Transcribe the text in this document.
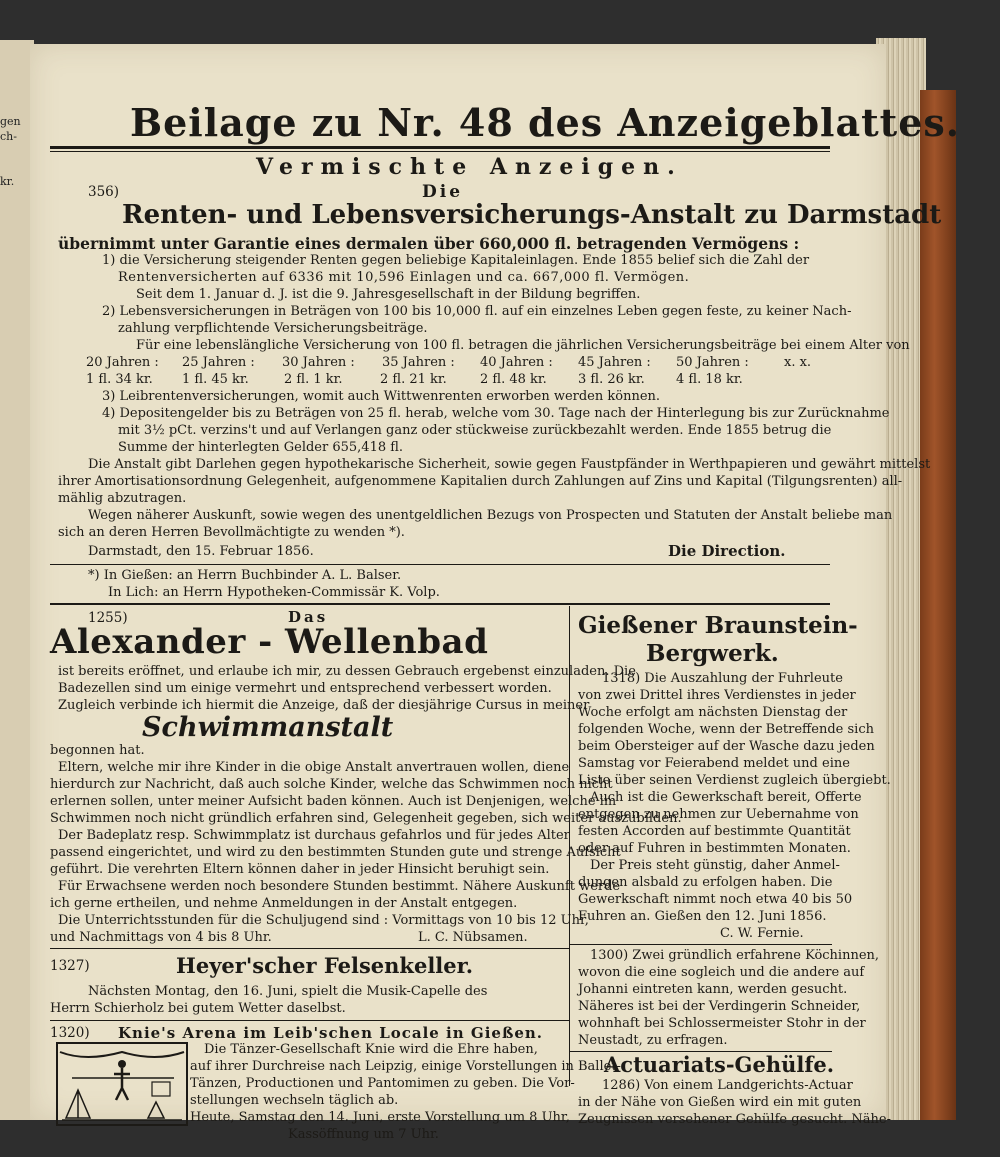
gen
ch-
kr.
Beilage zu Nr. 48 des Anzeigeblattes.
Vermischte Anzeigen.
356)	Die
Renten- und Lebensversicherungs-Anstalt zu Darmstadt
übernimmt unter Garantie eines dermalen über 660,000 fl. betragenden Vermögens :
1) die Versicherung steigender Renten gegen beliebige Kapitaleinlagen. Ende 1855 belief sich die Zahl der
Rentenversicherten auf 6336 mit 10,596 Einlagen und ca. 667,000 fl. Vermögen.
Seit dem 1. Januar d. J. ist die 9. Jahresgesellschaft in der Bildung begriffen.
2) Lebensversicherungen in Beträgen von 100 bis 10,000 fl. auf ein einzelnes Leben gegen feste, zu keiner Nach-
zahlung verpflichtende Versicherungsbeiträge.
Für eine lebenslängliche Versicherung von 100 fl. betragen die jährlichen Versicherungsbeiträge bei einem Alter von
20 Jahren : 25 Jahren : 30 Jahren : 35 Jahren : 40 Jahren : 45 Jahren : 50 Jahren :	x. x.
1 fl. 34 kr. 1 fl. 45 kr.	2 fl. 1 kr.	2 fl. 21 kr.	2 fl. 48 kr. 3 fl. 26 kr. 4 fl. 18 kr.
3) Leibrentenversicherungen, womit auch Wittwenrenten erworben werden können.
4) Depositengelder bis zu Beträgen von 25 fl. herab, welche vom 30. Tage nach der Hinterlegung bis zur Zurücknahme
mit 3½ pCt. verzins't und auf Verlangen ganz oder stückweise zurückbezahlt werden. Ende 1855 betrug die
Summe der hinterlegten Gelder 655,418 fl.
Die Anstalt gibt Darlehen gegen hypothekarische Sicherheit, sowie gegen Faustpfänder in Werthpapieren und gewährt mittelst
ihrer Amortisationsordnung Gelegenheit, aufgenommene Kapitalien durch Zahlungen auf Zins und Kapital (Tilgungsrenten) all-
mählig abzutragen.
Wegen näherer Auskunft, sowie wegen des unentgeldlichen Bezugs von Prospecten und Statuten der Anstalt beliebe man
sich an deren Herren Bevollmächtigte zu wenden *).
Darmstadt, den 15. Februar 1856.	Die Direction.
*) In Gießen: an Herrn Buchbinder A. L. Balser.
In Lich: an Herrn Hypotheken-Commissär K. Volp.
1255)	Das
Alexander - Wellenbad
ist bereits eröffnet, und erlaube ich mir, zu dessen Gebrauch ergebenst einzuladen. Die
Badezellen sind um einige vermehrt und entsprechend verbessert worden.
Zugleich verbinde ich hiermit die Anzeige, daß der diesjährige Cursus in meiner
Schwimmanstalt
begonnen hat.
Eltern, welche mir ihre Kinder in die obige Anstalt anvertrauen wollen, diene
hierdurch zur Nachricht, daß auch solche Kinder, welche das Schwimmen noch nicht
erlernen sollen, unter meiner Aufsicht baden können. Auch ist Denjenigen, welche im
Schwimmen noch nicht gründlich erfahren sind, Gelegenheit gegeben, sich weiter auszubilden.
Der Badeplatz resp. Schwimmplatz ist durchaus gefahrlos und für jedes Alter
passend eingerichtet, und wird zu den bestimmten Stunden gute und strenge Aufsicht
geführt. Die verehrten Eltern können daher in jeder Hinsicht beruhigt sein.
Für Erwachsene werden noch besondere Stunden bestimmt. Nähere Auskunft werde
ich gerne ertheilen, und nehme Anmeldungen in der Anstalt entgegen.
Die Unterrichtsstunden für die Schuljugend sind : Vormittags von 10 bis 12 Uhr,
und Nachmittags von 4 bis 8 Uhr.	L. C. Nübsamen.
1327)	Heyer'scher Felsenkeller.
Nächsten Montag, den 16. Juni, spielt die Musik-Capelle des
Herrn Schierholz bei gutem Wetter daselbst.
1320) Knie's Arena im Leib'schen Locale in Gießen.
Die Tänzer-Gesellschaft Knie wird die Ehre haben,
auf ihrer Durchreise nach Leipzig, einige Vorstellungen in Ballet-
Tänzen, Productionen und Pantomimen zu geben. Die Vor-
stellungen wechseln täglich ab.
Heute, Samstag den 14. Juni, erste Vorstellung um 8 Uhr,
Kassöffnung um 7 Uhr.
Gießener Braunstein-
Bergwerk.
1318) Die Auszahlung der Fuhrleute
von zwei Drittel ihres Verdienstes in jeder
Woche erfolgt am nächsten Dienstag der
folgenden Woche, wenn der Betreffende sich
beim Obersteiger auf der Wasche dazu jeden
Samstag vor Feierabend meldet und eine
Liste über seinen Verdienst zugleich übergiebt.
Auch ist die Gewerkschaft bereit, Offerte
entgegen zu nehmen zur Uebernahme von
festen Accorden auf bestimmte Quantität
oder auf Fuhren in bestimmten Monaten.
Der Preis steht günstig, daher Anmel-
dungen alsbald zu erfolgen haben. Die
Gewerkschaft nimmt noch etwa 40 bis 50
Fuhren an. Gießen den 12. Juni 1856.
C. W. Fernie.
1300) Zwei gründlich erfahrene Köchinnen,
wovon die eine sogleich und die andere auf
Johanni eintreten kann, werden gesucht.
Näheres ist bei der Verdingerin Schneider,
wohnhaft bei Schlossermeister Stohr in der
Neustadt, zu erfragen.
Actuariats-Gehülfe.
1286) Von einem Landgerichts-Actuar
in der Nähe von Gießen wird ein mit guten
Zeugnissen versehener Gehülfe gesucht. Nähe-
